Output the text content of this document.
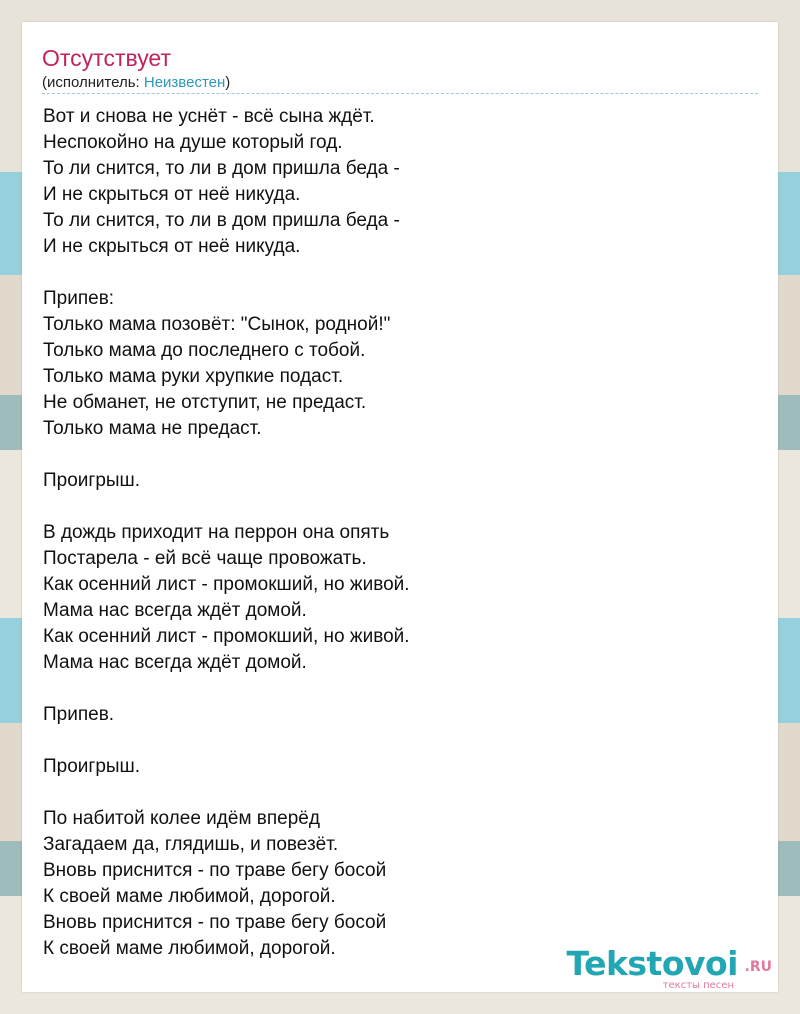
Отсутствует
(исполнитель: Неизвестен)
Вот и снова не уснёт - всё сына ждёт.
Неспокойно на душе который год.
То ли снится, то ли в дом пришла беда -
И не скрыться от неё никуда.
То ли снится, то ли в дом пришла беда -
И не скрыться от неё никуда.
Припев:
Только мама позовёт: "Сынок, родной!"
Только мама до последнего с тобой.
Только мама руки хрупкие подаст.
Не обманет, не отступит, не предаст.
Только мама не предаст.
Проигрыш.
В дождь приходит на перрон она опять
Постарела - ей всё чаще провожать.
Как осенний лист - промокший, но живой.
Мама нас всегда ждёт домой.
Как осенний лист - промокший, но живой.
Мама нас всегда ждёт домой.
Припев.
Проигрыш.
По набитой колее идём вперёд
Загадаем да, глядишь, и повезёт.
Вновь приснится - по траве бегу босой
К своей маме любимой, дорогой.
Вновь приснится - по траве бегу босой
К своей маме любимой, дорогой.	Tekstovoi .RU
тексты песен
